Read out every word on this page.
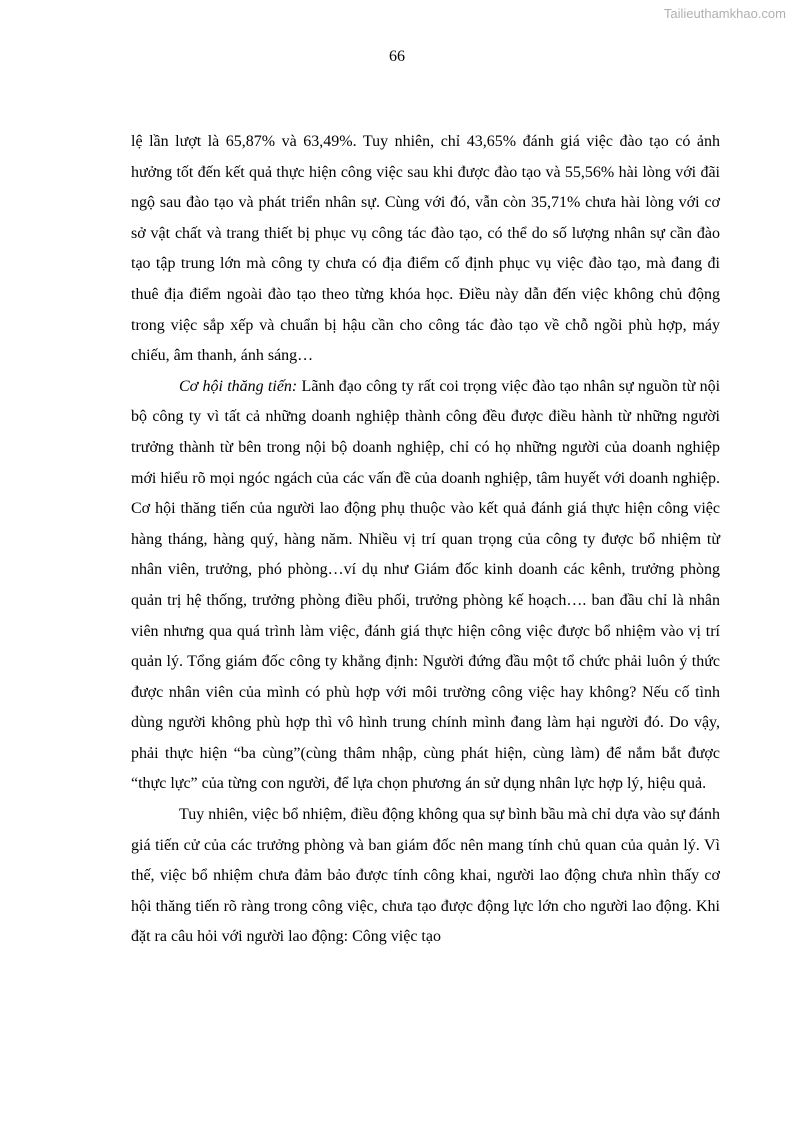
Tailieuthamkhao.com
66

lệ lần lượt là 65,87% và 63,49%. Tuy nhiên, chỉ 43,65% đánh giá việc đào tạo có ảnh hưởng tốt đến kết quả thực hiện công việc sau khi được đào tạo và 55,56% hài lòng với đãi ngộ sau đào tạo và phát triển nhân sự. Cùng với đó, vẫn còn 35,71% chưa hài lòng với cơ sở vật chất và trang thiết bị phục vụ công tác đào tạo, có thể do số lượng nhân sự cần đào tạo tập trung lớn mà công ty chưa có địa điểm cố định phục vụ việc đào tạo, mà đang đi thuê địa điểm ngoài đào tạo theo từng khóa học. Điều này dẫn đến việc không chủ động trong việc sắp xếp và chuẩn bị hậu cần cho công tác đào tạo về chỗ ngồi phù hợp, máy chiếu, âm thanh, ánh sáng…

Cơ hội thăng tiến: Lãnh đạo công ty rất coi trọng việc đào tạo nhân sự nguồn từ nội bộ công ty vì tất cả những doanh nghiệp thành công đều được điều hành từ những người trưởng thành từ bên trong nội bộ doanh nghiệp, chỉ có họ những người của doanh nghiệp mới hiểu rõ mọi ngóc ngách của các vấn đề của doanh nghiệp, tâm huyết với doanh nghiệp. Cơ hội thăng tiến của người lao động phụ thuộc vào kết quả đánh giá thực hiện công việc hàng tháng, hàng quý, hàng năm. Nhiều vị trí quan trọng của công ty được bổ nhiệm từ nhân viên, trưởng, phó phòng…ví dụ như Giám đốc kinh doanh các kênh, trưởng phòng quản trị hệ thống, trưởng phòng điều phối, trưởng phòng kế hoạch…. ban đầu chỉ là nhân viên nhưng qua quá trình làm việc, đánh giá thực hiện công việc được bổ nhiệm vào vị trí quản lý. Tổng giám đốc công ty khẳng định: Người đứng đầu một tổ chức phải luôn ý thức được nhân viên của mình có phù hợp với môi trường công việc hay không? Nếu cố tình dùng người không phù hợp thì vô hình trung chính mình đang làm hại người đó. Do vậy, phải thực hiện “ba cùng”(cùng thâm nhập, cùng phát hiện, cùng làm) để nắm bắt được “thực lực” của từng con người, để lựa chọn phương án sử dụng nhân lực hợp lý, hiệu quả.

Tuy nhiên, việc bổ nhiệm, điều động không qua sự bình bầu mà chỉ dựa vào sự đánh giá tiến cử của các trưởng phòng và ban giám đốc nên mang tính chủ quan của quản lý. Vì thế, việc bổ nhiệm chưa đảm bảo được tính công khai, người lao động chưa nhìn thấy cơ hội thăng tiến rõ ràng trong công việc, chưa tạo được động lực lớn cho người lao động. Khi đặt ra câu hỏi với người lao động: Công việc tạo
